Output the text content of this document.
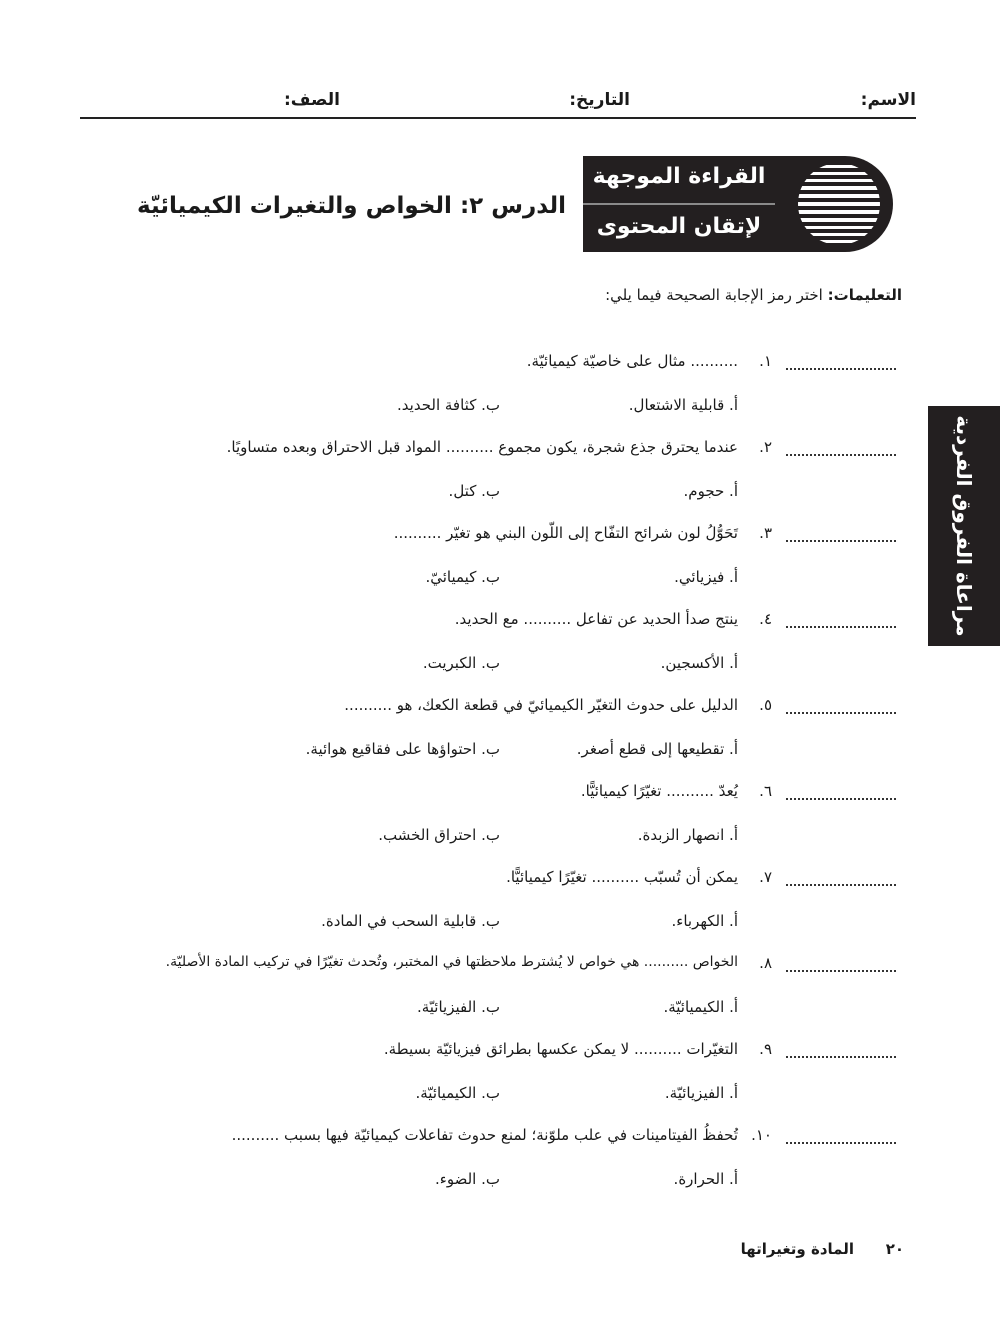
الاسم:
التاريخ:
الصف:
القراءة الموجهة
لإتقان المحتوى
الدرس ٢: الخواص والتغيرات الكيميائيّة
التعليمات: اختر رمز الإجابة الصحيحة فيما يلي:
١.
.......... مثال على خاصيّة كيميائيّة.
أ. قابلية الاشتعال.
ب. كثافة الحديد.
٢.
عندما يحترق جذع شجرة، يكون مجموع .......... المواد قبل الاحتراق وبعده متساويًا.
أ. حجوم.
ب. كتل.
٣.
تَحَوُّلُ لون شرائح التفّاح إلى اللّون البني هو تغيّر ..........
أ. فيزيائي.
ب. كيميائيّ.
٤.
ينتج صدأ الحديد عن تفاعل .......... مع الحديد.
أ. الأكسجين.
ب. الكبريت.
٥.
الدليل على حدوث التغيّر الكيميائيّ في قطعة الكعك، هو ..........
أ. تقطيعها إلى قطع أصغر.
ب. احتواؤها على فقاقيع هوائية.
٦.
يُعدّ .......... تغيّرًا كيميائيًّا.
أ. انصهار الزبدة.
ب. احتراق الخشب.
٧.
يمكن أن تُسبّب .......... تغيّرًا كيميائيًّا.
أ. الكهرباء.
ب. قابلية السحب في المادة.
٨.
الخواص .......... هي خواص لا يُشترط ملاحظتها في المختبر، وتُحدث تغيّرًا في تركيب المادة الأصليّة.
أ. الكيميائيّة.
ب. الفيزيائيّة.
٩.
التغيّرات .......... لا يمكن عكسها بطرائق فيزيائيّة بسيطة.
أ. الفيزيائيّة.
ب. الكيميائيّة.
١٠.
تُحفظُ الفيتامينات في علب ملوّنة؛ لمنع حدوث تفاعلات كيميائيّة فيها بسبب ..........
أ. الحرارة.
ب. الضوء.
مراعاة الفروق الفردية
٢٠
المادة وتغيراتها
